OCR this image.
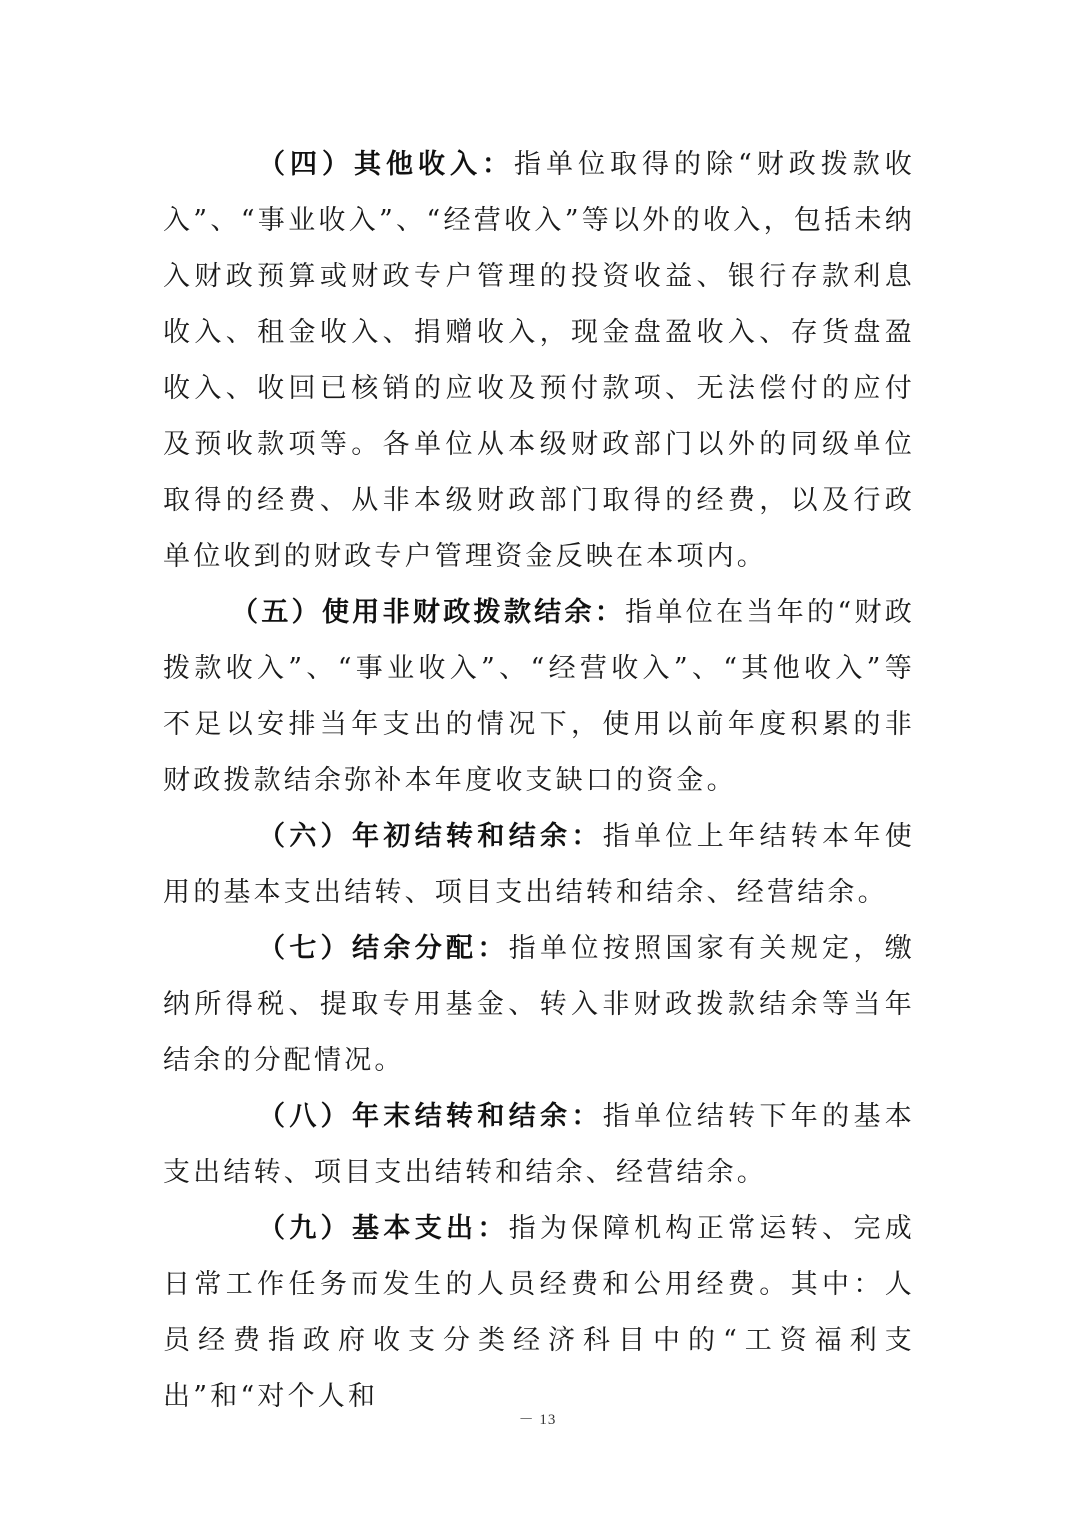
（四）其他收入：指单位取得的除“财政拨款收入”、“事业收入”、“经营收入”等以外的收入，包括未纳入财政预算或财政专户管理的投资收益、银行存款利息收入、租金收入、捐赠收入，现金盘盈收入、存货盘盈收入、收回已核销的应收及预付款项、无法偿付的应付及预收款项等。各单位从本级财政部门以外的同级单位取得的经费、从非本级财政部门取得的经费，以及行政单位收到的财政专户管理资金反映在本项内。

（五）使用非财政拨款结余：指单位在当年的“财政拨款收入”、“事业收入”、“经营收入”、“其他收入”等不足以安排当年支出的情况下，使用以前年度积累的非财政拨款结余弥补本年度收支缺口的资金。

（六）年初结转和结余：指单位上年结转本年使用的基本支出结转、项目支出结转和结余、经营结余。

（七）结余分配：指单位按照国家有关规定，缴纳所得税、提取专用基金、转入非财政拨款结余等当年结余的分配情况。

（八）年末结转和结余：指单位结转下年的基本支出结转、项目支出结转和结余、经营结余。

（九）基本支出：指为保障机构正常运转、完成日常工作任务而发生的人员经费和公用经费。其中：人员经费指政府收支分类经济科目中的“工资福利支出”和“对个人和

－ 13
